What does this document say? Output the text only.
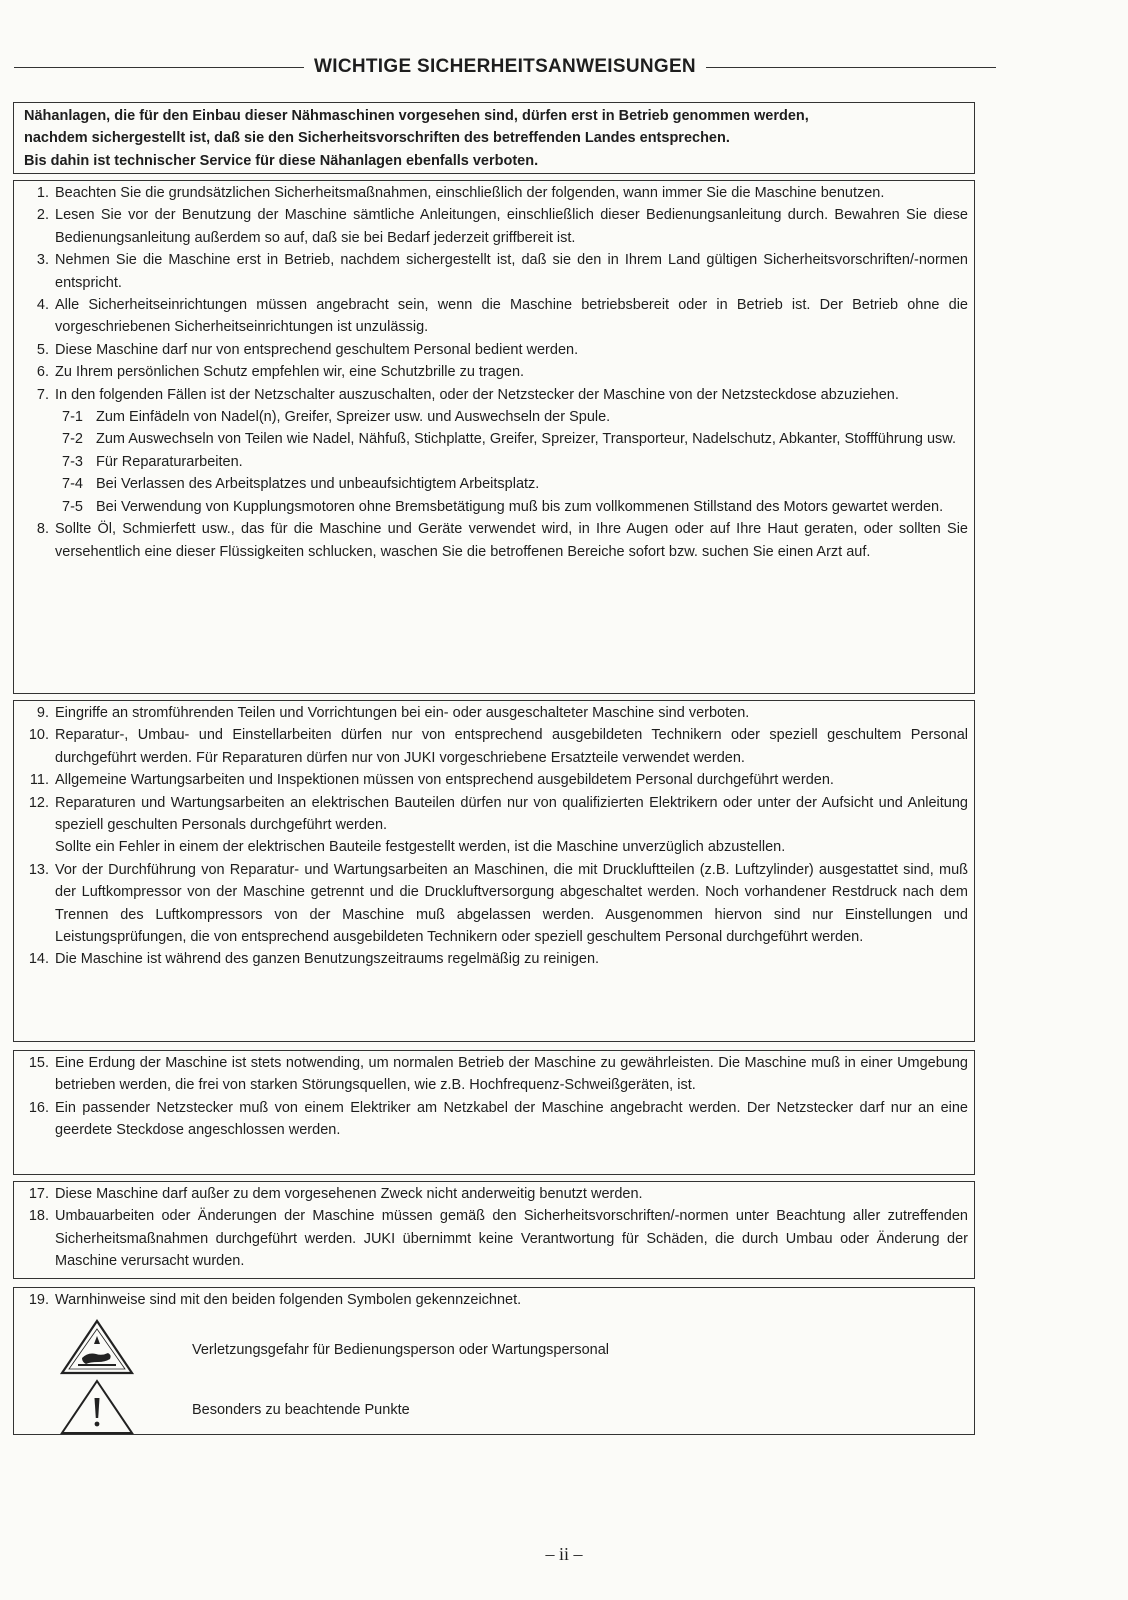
WICHTIGE SICHERHEITSANWEISUNGEN

Nähanlagen, die für den Einbau dieser Nähmaschinen vorgesehen sind, dürfen erst in Betrieb genommen werden,

nachdem sichergestellt ist, daß sie den Sicherheitsvorschriften des betreffenden Landes entsprechen.

Bis dahin ist technischer Service für diese Nähanlagen ebenfalls verboten.

1. Beachten Sie die grundsätzlichen Sicherheitsmaßnahmen, einschließlich der folgenden, wann immer Sie die Maschine benutzen.
2. Lesen Sie vor der Benutzung der Maschine sämtliche Anleitungen, einschließlich dieser Bedienungsanleitung durch. Bewahren Sie diese Bedienungsanleitung außerdem so auf, daß sie bei Bedarf jederzeit griffbereit ist.
3. Nehmen Sie die Maschine erst in Betrieb, nachdem sichergestellt ist, daß sie den in Ihrem Land gültigen Sicherheitsvorschriften/-normen entspricht.
4. Alle Sicherheitseinrichtungen müssen angebracht sein, wenn die Maschine betriebsbereit oder in Betrieb ist. Der Betrieb ohne die vorgeschriebenen Sicherheitseinrichtungen ist unzulässig.
5. Diese Maschine darf nur von entsprechend geschultem Personal bedient werden.
6. Zu Ihrem persönlichen Schutz empfehlen wir, eine Schutzbrille zu tragen.
7. In den folgenden Fällen ist der Netzschalter auszuschalten, oder der Netzstecker der Maschine von der Netzsteckdose abzuziehen.
7-1 Zum Einfädeln von Nadel(n), Greifer, Spreizer usw. und Auswechseln der Spule.
7-2 Zum Auswechseln von Teilen wie Nadel, Nähfuß, Stichplatte, Greifer, Spreizer, Transporteur, Nadelschutz, Abkanter, Stoffführung usw.
7-3 Für Reparaturarbeiten.
7-4 Bei Verlassen des Arbeitsplatzes und unbeaufsichtigtem Arbeitsplatz.
7-5 Bei Verwendung von Kupplungsmotoren ohne Bremsbetätigung muß bis zum vollkommenen Stillstand des Motors gewartet werden.
8. Sollte Öl, Schmierfett usw., das für die Maschine und Geräte verwendet wird, in Ihre Augen oder auf Ihre Haut geraten, oder sollten Sie versehentlich eine dieser Flüssigkeiten schlucken, waschen Sie die betroffenen Bereiche sofort bzw. suchen Sie einen Arzt auf.
9. Eingriffe an stromführenden Teilen und Vorrichtungen bei ein- oder ausgeschalteter Maschine sind verboten.
10. Reparatur-, Umbau- und Einstellarbeiten dürfen nur von entsprechend ausgebildeten Technikern oder speziell geschultem Personal durchgeführt werden. Für Reparaturen dürfen nur von JUKI vorgeschriebene Ersatzteile verwendet werden.
11. Allgemeine Wartungsarbeiten und Inspektionen müssen von entsprechend ausgebildetem Personal durchgeführt werden.
12. Reparaturen und Wartungsarbeiten an elektrischen Bauteilen dürfen nur von qualifizierten Elektrikern oder unter der Aufsicht und Anleitung speziell geschulten Personals durchgeführt werden.
Sollte ein Fehler in einem der elektrischen Bauteile festgestellt werden, ist die Maschine unverzüglich abzustellen.
13. Vor der Durchführung von Reparatur- und Wartungsarbeiten an Maschinen, die mit Druckluftteilen (z.B. Luftzylinder) ausgestattet sind, muß der Luftkompressor von der Maschine getrennt und die Druckluftversorgung abgeschaltet werden. Noch vorhandener Restdruck nach dem Trennen des Luftkompressors von der Maschine muß abgelassen werden. Ausgenommen hiervon sind nur Einstellungen und Leistungsprüfungen, die von entsprechend ausgebildeten Technikern oder speziell geschultem Personal durchgeführt werden.
14. Die Maschine ist während des ganzen Benutzungszeitraums regelmäßig zu reinigen.
15. Eine Erdung der Maschine ist stets notwending, um normalen Betrieb der Maschine zu gewährleisten. Die Maschine muß in einer Umgebung betrieben werden, die frei von starken Störungsquellen, wie z.B. Hochfrequenz-Schweißgeräten, ist.
16. Ein passender Netzstecker muß von einem Elektriker am Netzkabel der Maschine angebracht werden. Der Netzstecker darf nur an eine geerdete Steckdose angeschlossen werden.
17. Diese Maschine darf außer zu dem vorgesehenen Zweck nicht anderweitig benutzt werden.
18. Umbauarbeiten oder Änderungen der Maschine müssen gemäß den Sicherheitsvorschriften/-normen unter Beachtung aller zutreffenden Sicherheitsmaßnahmen durchgeführt werden. JUKI übernimmt keine Verantwortung für Schäden, die durch Umbau oder Änderung der Maschine verursacht wurden.
19. Warnhinweise sind mit den beiden folgenden Symbolen gekennzeichnet.
Verletzungsgefahr für Bedienungsperson oder Wartungspersonal
Besonders zu beachtende Punkte
– ii –
